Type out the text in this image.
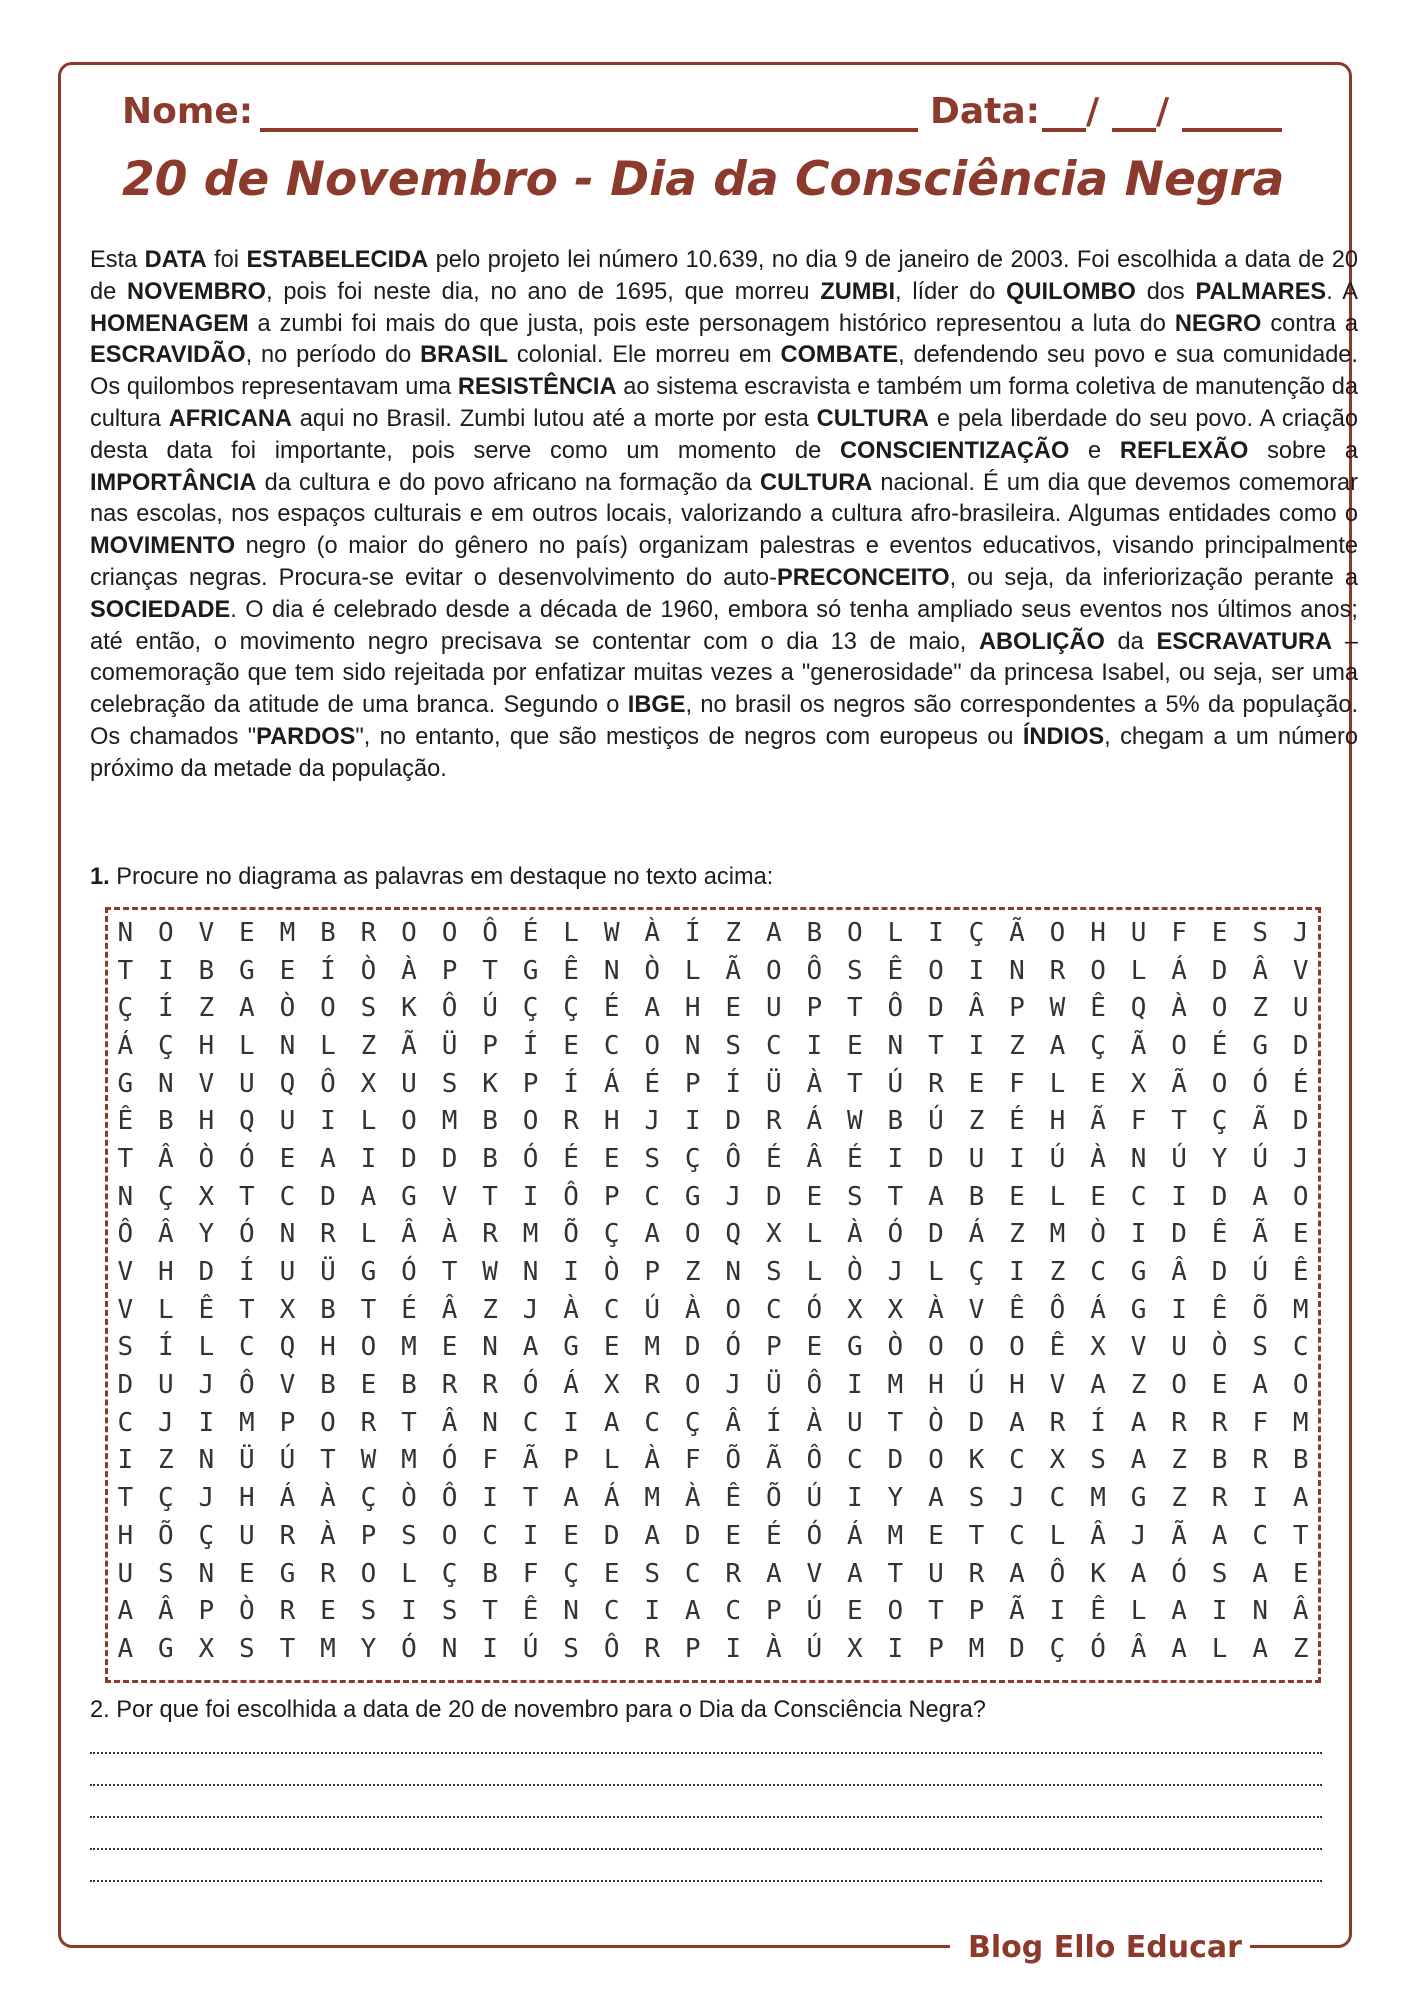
Nome:	Data: / /
20 de Novembro - Dia da Consciência Negra

Esta DATA foi ESTABELECIDA pelo projeto lei número 10.639, no dia 9 de janeiro de 2003. Foi escolhida a data de 20 de NOVEMBRO, pois foi neste dia, no ano de 1695, que morreu ZUMBI, líder do QUILOMBO dos PALMARES. A HOMENAGEM a zumbi foi mais do que justa, pois este personagem histórico representou a luta do NEGRO contra a ESCRAVIDÃO, no período do BRASIL colonial. Ele morreu em COMBATE, defendendo seu povo e sua comunidade. Os quilombos representavam uma RESISTÊNCIA ao sistema escravista e também um forma coletiva de manutenção da cultura AFRICANA aqui no Brasil. Zumbi lutou até a morte por esta CULTURA e pela liberdade do seu povo. A criação desta data foi importante, pois serve como um momento de CONSCIENTIZAÇÃO e REFLEXÃO sobre a IMPORTÂNCIA da cultura e do povo africano na formação da CULTURA nacional. É um dia que devemos comemorar nas escolas, nos espaços culturais e em outros locais, valorizando a cultura afro-brasileira. Algumas entidades como o MOVIMENTO negro (o maior do gênero no país) organizam palestras e eventos educativos, visando principalmente crianças negras. Procura-se evitar o desenvolvimento do auto-PRECONCEITO, ou seja, da inferiorização perante a SOCIEDADE. O dia é celebrado desde a década de 1960, embora só tenha ampliado seus eventos nos últimos anos; até então, o movimento negro precisava se contentar com o dia 13 de maio, ABOLIÇÃO da ESCRAVATURA – comemoração que tem sido rejeitada por enfatizar muitas vezes a "generosidade" da princesa Isabel, ou seja, ser uma celebração da atitude de uma branca. Segundo o IBGE, no brasil os negros são correspondentes a 5% da população. Os chamados "PARDOS", no entanto, que são mestiços de negros com europeus ou ÍNDIOS, chegam a um número próximo da metade da população.

1. Procure no diagrama as palavras em destaque no texto acima:
N	O	V	E	M	B	R	O	O	Ô	É	L	W	À	Í	Z	A	B	O	L	I	Ç	Ã	O	H	U	F	E	S	J
T	I	B	G	E	Í	Ò	À	P	T	G	Ê	N	Ò	L	Ã	O	Ô	S	Ê	O	I	N	R	O	L	Á	D	Â	V
Ç	Í	Z	A	Ò	O	S	K	Ô	Ú	Ç	Ç	É	A	H	E	U	P	T	Ô	D	Â	P	W	Ê	Q	À	O	Z	U
Á	Ç	H	L	N	L	Z	Ã	Ü	P	Í	E	C	O	N	S	C	I	E	N	T	I	Z	A	Ç	Ã	O	É	G	D
G	N	V	U	Q	Ô	X	U	S	K	P	Í	Á	É	P	Í	Ü	À	T	Ú	R	E	F	L	E	X	Ã	O	Ó	É
Ê	B	H	Q	U	I	L	O	M	B	O	R	H	J	I	D	R	Á	W	B	Ú	Z	É	H	Ã	F	T	Ç	Ã	D
T	Â	Ò	Ó	E	A	I	D	D	B	Ó	É	E	S	Ç	Ô	É	Â	É	I	D	U	I	Ú	À	N	Ú	Y	Ú	J
N	Ç	X	T	C	D	A	G	V	T	I	Ô	P	C	G	J	D	E	S	T	A	B	E	L	E	C	I	D	A	O
Ô	Â	Y	Ó	N	R	L	Â	À	R	M	Õ	Ç	A	O	Q	X	L	À	Ó	D	Á	Z	M	Ò	I	D	Ê	Ã	E
V	H	D	Í	U	Ü	G	Ó	T	W	N	I	Ò	P	Z	N	S	L	Ò	J	L	Ç	I	Z	C	G	Â	D	Ú	Ê
V	L	Ê	T	X	B	T	É	Â	Z	J	À	C	Ú	À	O	C	Ó	X	X	À	V	Ê	Ô	Á	G	I	Ê	Õ	M
S	Í	L	C	Q	H	O	M	E	N	A	G	E	M	D	Ó	P	E	G	Ò	O	O	O	Ê	X	V	U	Ò	S	C
D	U	J	Ô	V	B	E	B	R	R	Ó	Á	X	R	O	J	Ü	Ô	I	M	H	Ú	H	V	A	Z	O	E	A	O
C	J	I	M	P	O	R	T	Â	N	C	I	A	C	Ç	Â	Í	À	U	T	Ò	D	A	R	Í	A	R	R	F	M
I	Z	N	Ü	Ú	T	W	M	Ó	F	Ã	P	L	À	F	Õ	Ã	Ô	C	D	O	K	C	X	S	A	Z	B	R	B
T	Ç	J	H	Á	À	Ç	Ò	Ô	I	T	A	Á	M	À	Ê	Õ	Ú	I	Y	A	S	J	C	M	G	Z	R	I	A
H	Õ	Ç	U	R	À	P	S	O	C	I	E	D	A	D	E	É	Ó	Á	M	E	T	C	L	Â	J	Ã	A	C	T
U	S	N	E	G	R	O	L	Ç	B	F	Ç	E	S	C	R	A	V	A	T	U	R	A	Ô	K	A	Ó	S	A	E
A	Â	P	Ò	R	E	S	I	S	T	Ê	N	C	I	A	C	P	Ú	E	O	T	P	Ã	I	Ê	L	A	I	N	Â
A	G	X	S	T	M	Y	Ó	N	I	Ú	S	Ô	R	P	I	À	Ú	X	I	P	M	D	Ç	Ó	Â	A	L	A	Z
2. Por que foi escolhida a data de 20 de novembro para o Dia da Consciência Negra?
Blog Ello Educar
